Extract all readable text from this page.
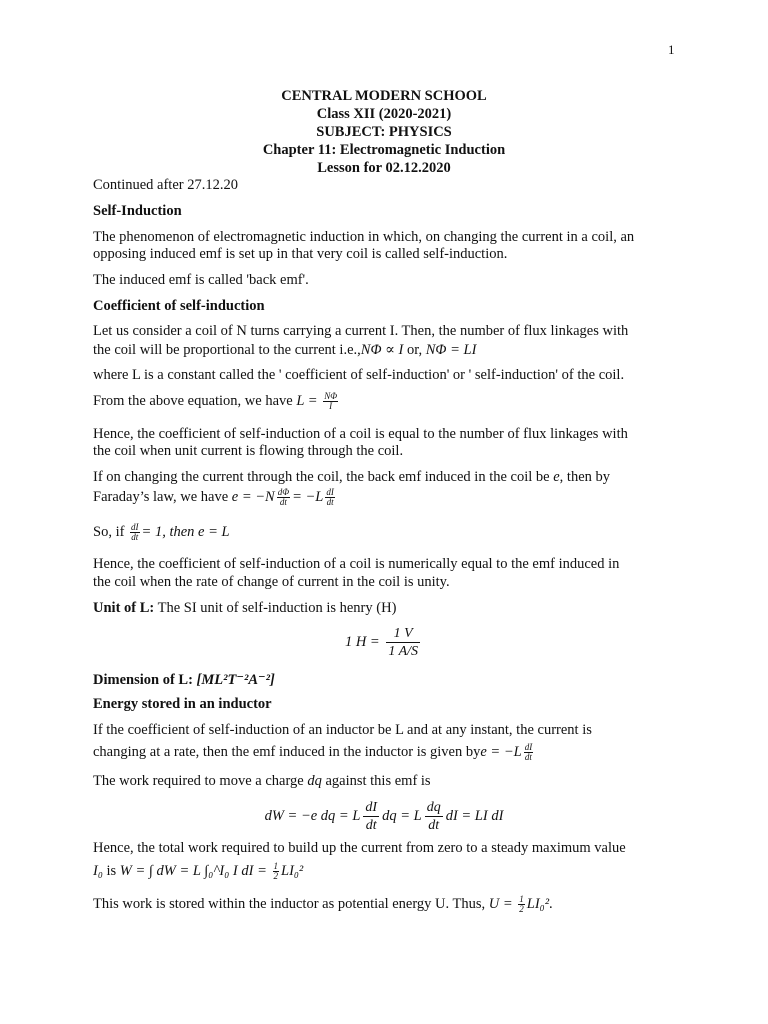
1
CENTRAL MODERN SCHOOL
Class XII (2020-2021)
SUBJECT: PHYSICS
Chapter 11: Electromagnetic Induction
Lesson for 02.12.2020
Continued after 27.12.20
Self-Induction
The phenomenon of electromagnetic induction in which, on changing the current in a coil, an
opposing induced emf is set up in that very coil is called self-induction.
The induced emf is called 'back emf'.
Coefficient of self-induction
Let us consider a coil of N turns carrying a current I. Then, the number of flux linkages with
the coil will be proportional to the current i.e.,NΦ ∝ I or, NΦ = LI
where L is a constant called the ' coefficient of self-induction' or ' self-induction' of the coil.
From the above equation, we have $L = \frac{N\Phi}{I}$
Hence, the coefficient of self-induction of a coil is equal to the number of flux linkages with
the coil when unit current is flowing through the coil.
If on changing the current through the coil, the back emf induced in the coil be e, then by
Faraday’s law, we have $e = -N \frac{d\Phi}{dt} = -L \frac{dI}{dt}$
So, if $\frac{dI}{dt} = 1$, then e = L
Hence, the coefficient of self-induction of a coil is numerically equal to the emf induced in
the coil when the rate of change of current in the coil is unity.
Unit of L: The SI unit of self-induction is henry (H)
1 $H = \frac{1 V}{1 A/S}$
Dimension of L: [ML²T⁻²A⁻²]
Energy stored in an inductor
If the coefficient of self-induction of an inductor be L and at any instant, the current is
changing at a rate, then the emf induced in the inductor is given bye = $-L \frac{dI}{dt}$
The work required to move a charge dq against this emf is
dW = −e dq = L $\frac{dI}{dt}$ dq = L $\frac{dq}{dt}$ dI = LI dI
Hence, the total work required to build up the current from zero to a steady maximum value
I₀ is W = ∫ dW = L ∫₀^I₀ I dI = $\frac{1}{2} LI_0^2$
This work is stored within the inductor as potential energy U. Thus, $U = \frac{1}{2} LI_0^2$.
